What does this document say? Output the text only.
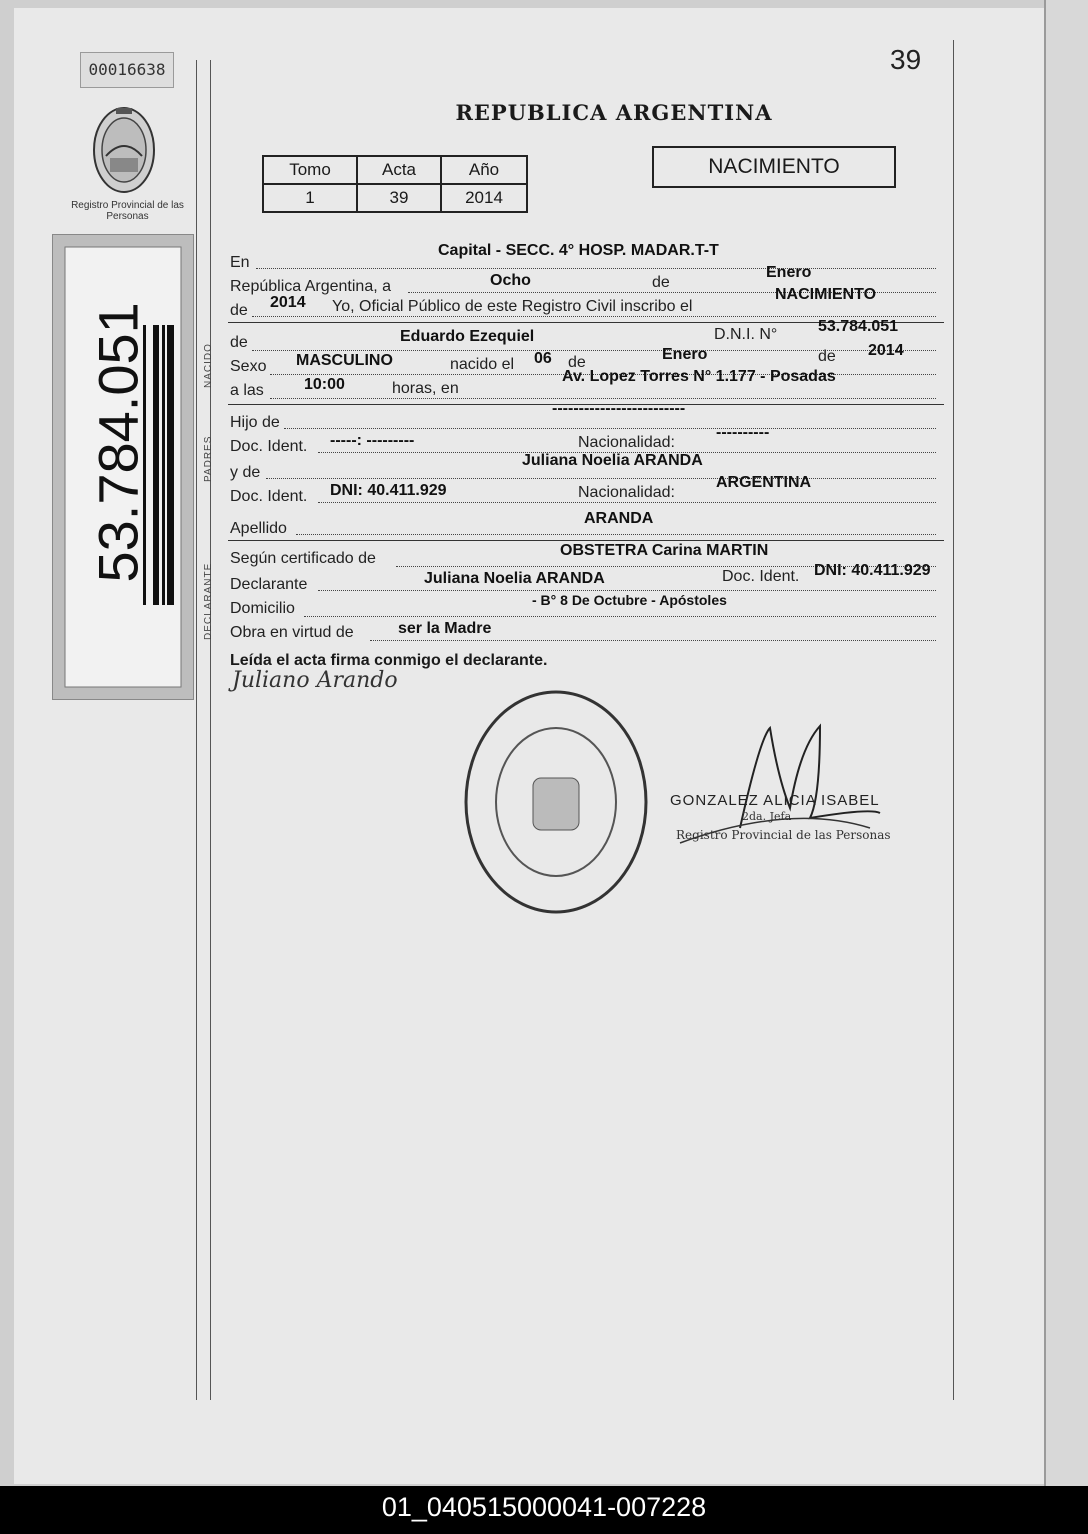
00016638	39
Registro Provincial de las Personas
53.784.051
REPUBLICA ARGENTINA
Tomo	Acta	Año
1	39	2014
NACIMIENTO
NACIDO
PADRES
DECLARANTE
En
Capital - SECC. 4° HOSP. MADAR.T-T
República Argentina, a	Ocho	de
Enero
de 2014 Yo, Oficial Público de este Registro Civil inscribo el
NACIMIENTO
de	Eduardo Ezequiel	D.N.I. N°	53.784.051
Sexo MASCULINO	nacido el 06 de	Enero	de 2014
a las	10:00	horas, en
Av. Lopez Torres N° 1.177 - Posadas
Hijo de
-------------------------
Doc. Ident. -----: ---------	Nacionalidad:
----------
y de
Juliana Noelia ARANDA
Doc. Ident. DNI: 40.411.929	Nacionalidad:
ARGENTINA
Apellido
ARANDA
Según certificado de	OBSTETRA Carina MARTIN
Declarante	Juliana Noelia ARANDA	Doc. Ident. DNI: 40.411.929
Domicilio	- B° 8 De Octubre - Apóstoles
Obra en virtud de	ser la Madre
Leída el acta firma conmigo el declarante.
Juliano Arando
GONZALEZ ALICIA ISABEL
2da. Jefa
Registro Provincial de las Personas
01_040515000041-007228
